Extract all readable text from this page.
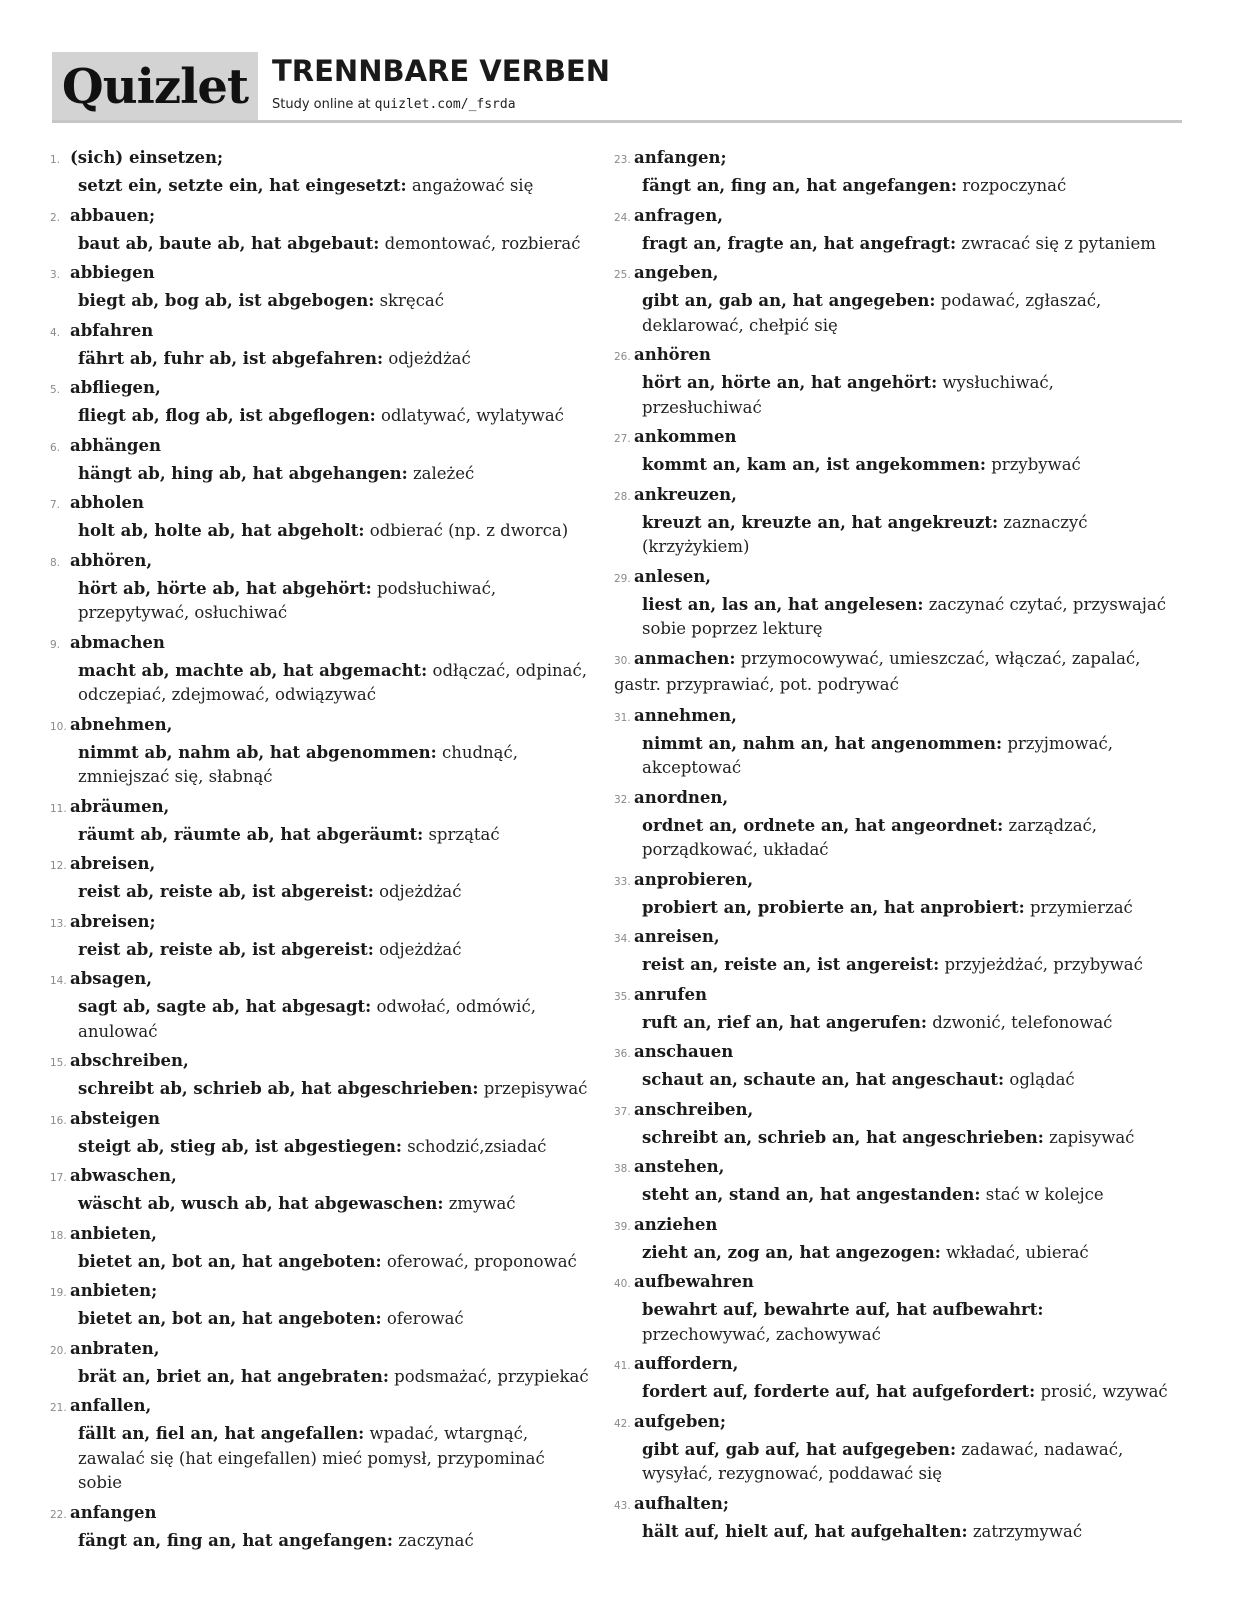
Quizlet TRENNBARE VERBEN
Study online at quizlet.com/_fsrda
1. (sich) einsetzen;
setzt ein, setzte ein, hat eingesetzt: angażować się
2. abbauen;
baut ab, baute ab, hat abgebaut: demontować, rozbierać
3. abbiegen
biegt ab, bog ab, ist abgebogen: skręcać
4. abfahren
fährt ab, fuhr ab, ist abgefahren: odjeżdżać
5. abfliegen,
fliegt ab, flog ab, ist abgeflogen: odlatywać, wylatywać
6. abhängen
hängt ab, hing ab, hat abgehangen: zależeć
7. abholen
holt ab, holte ab, hat abgeholt: odbierać (np. z dworca)
8. abhören,
hört ab, hörte ab, hat abgehört: podsłuchiwać, przepytywać, osłuchiwać
9. abmachen
macht ab, machte ab, hat abgemacht: odłączać, odpinać, odczepiać, zdejmować, odwiązywać
10. abnehmen,
nimmt ab, nahm ab, hat abgenommen: chudnąć, zmniejszać się, słabnąć
11. abräumen,
räumt ab, räumte ab, hat abgeräumt: sprzątać
12. abreisen,
reist ab, reiste ab, ist abgereist: odjeżdżać
13. abreisen;
reist ab, reiste ab, ist abgereist: odjeżdżać
14. absagen,
sagt ab, sagte ab, hat abgesagt: odwołać, odmówić, anulować
15. abschreiben,
schreibt ab, schrieb ab, hat abgeschrieben: przepisywać
16. absteigen
steigt ab, stieg ab, ist abgestiegen: schodzić,zsiadać
17. abwaschen,
wäscht ab, wusch ab, hat abgewaschen: zmywać
18. anbieten,
bietet an, bot an, hat angeboten: oferować, proponować
19. anbieten;
bietet an, bot an, hat angeboten: oferować
20. anbraten,
brät an, briet an, hat angebraten: podsmażać, przypiekać
21. anfallen,
fällt an, fiel an, hat angefallen: wpadać, wtargnąć, zawalać się (hat eingefallen) mieć pomysł, przypominać sobie
22. anfangen
fängt an, fing an, hat angefangen: zaczynać
23. anfangen;
fängt an, fing an, hat angefangen: rozpoczynać
24. anfragen,
fragt an, fragte an, hat angefragt: zwracać się z pytaniem
25. angeben,
gibt an, gab an, hat angegeben: podawać, zgłaszać, deklarować, chełpić się
26. anhören
hört an, hörte an, hat angehört: wysłuchiwać, przesłuchiwać
27. ankommen
kommt an, kam an, ist angekommen: przybywać
28. ankreuzen,
kreuzt an, kreuzte an, hat angekreuzt: zaznaczyć (krzyżykiem)
29. anlesen,
liest an, las an, hat angelesen: zaczynać czytać, przyswajać sobie poprzez lekturę
30. anmachen: przymocowywać, umieszczać, włączać, zapalać, gastr. przyprawiać, pot. podrywać
31. annehmen,
nimmt an, nahm an, hat angenommen: przyjmować, akceptować
32. anordnen,
ordnet an, ordnete an, hat angeordnet: zarządzać, porządkować, układać
33. anprobieren,
probiert an, probierte an, hat anprobiert: przymierzać
34. anreisen,
reist an, reiste an, ist angereist: przyjeżdżać, przybywać
35. anrufen
ruft an, rief an, hat angerufen: dzwonić, telefonować
36. anschauen
schaut an, schaute an, hat angeschaut: oglądać
37. anschreiben,
schreibt an, schrieb an, hat angeschrieben: zapisywać
38. anstehen,
steht an, stand an, hat angestanden: stać w kolejce
39. anziehen
zieht an, zog an, hat angezogen: wkładać, ubierać
40. aufbewahren
bewahrt auf, bewahrte auf, hat aufbewahrt: przechowywać, zachowywać
41. auffordern,
fordert auf, forderte auf, hat aufgefordert: prosić, wzywać
42. aufgeben;
gibt auf, gab auf, hat aufgegeben: zadawać, nadawać, wysyłać, rezygnować, poddawać się
43. aufhalten;
hält auf, hielt auf, hat aufgehalten: zatrzymywać
